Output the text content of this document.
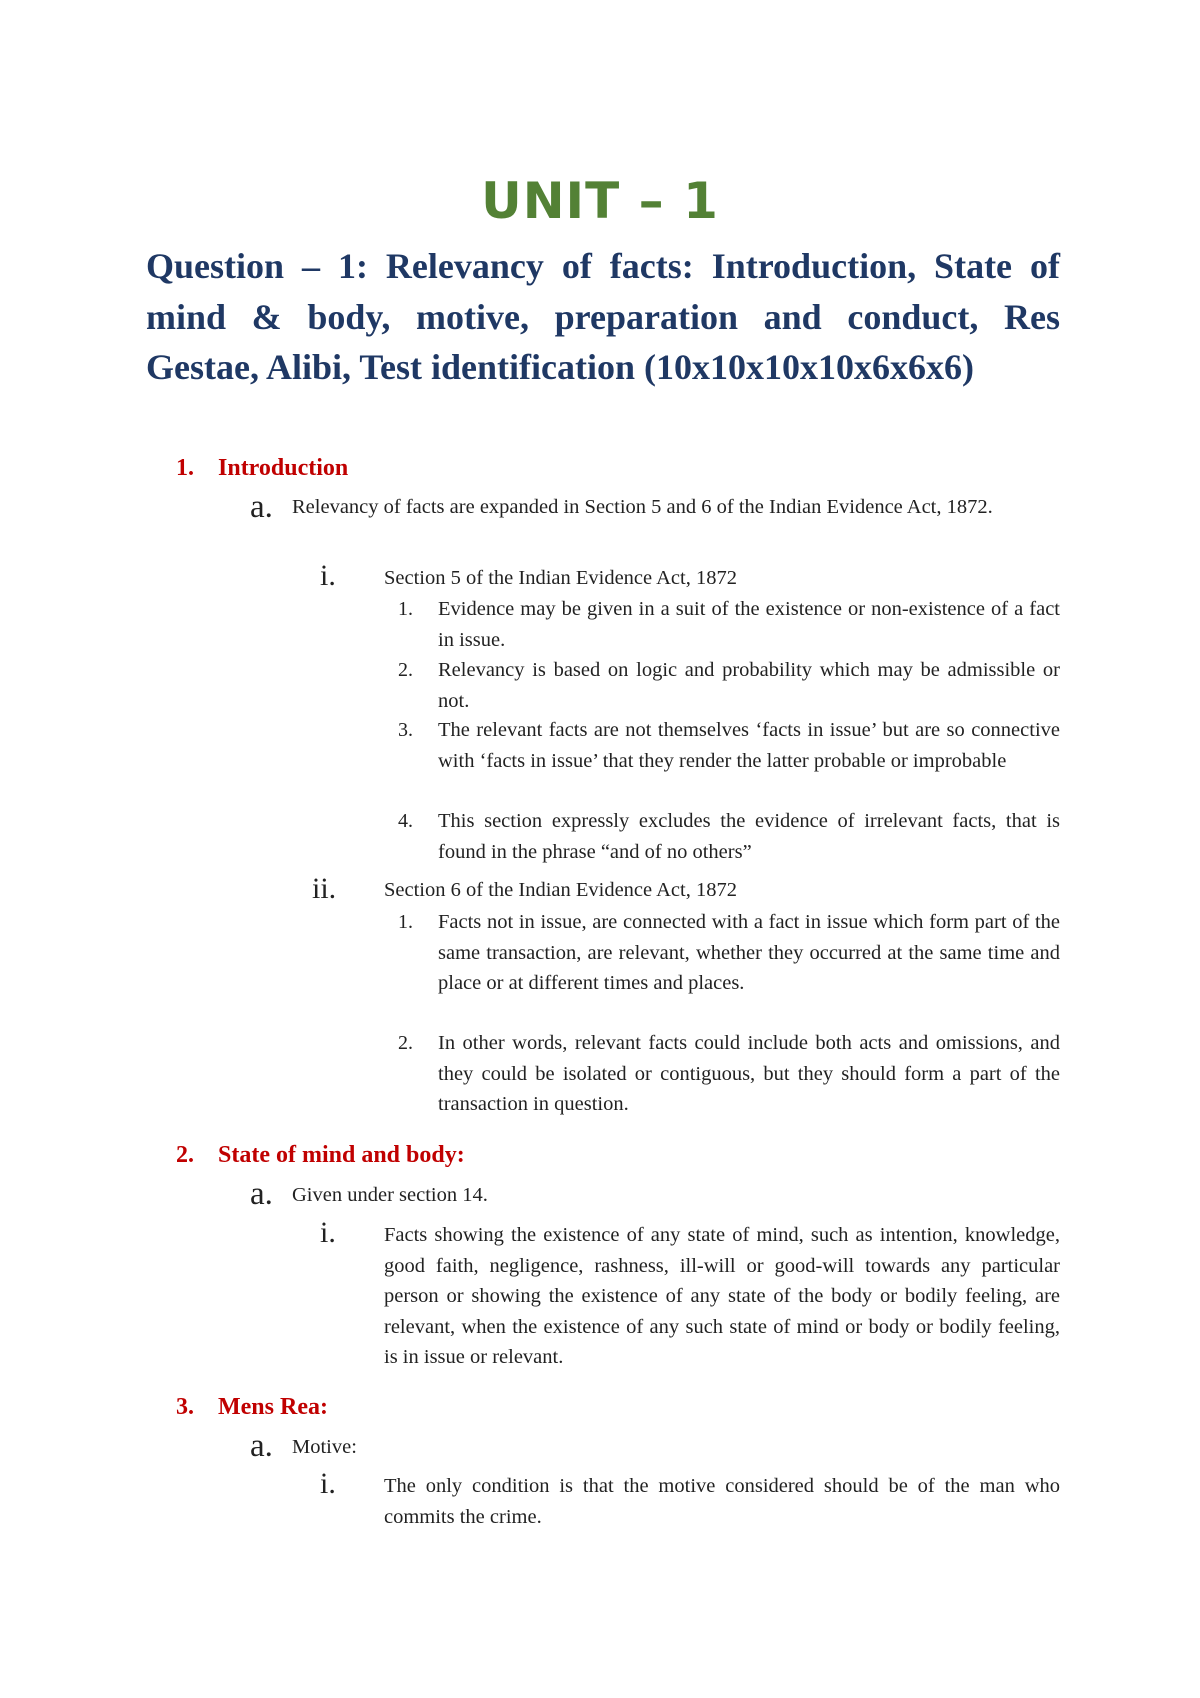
UNIT – 1

Question – 1: Relevancy of facts: Introduction, State of mind & body, motive, preparation and conduct, Res Gestae, Alibi, Test identification (10x10x10x10x6x6x6)

1. Introduction
a. Relevancy of facts are expanded in Section 5 and 6 of the Indian Evidence Act, 1872.
i. Section 5 of the Indian Evidence Act, 1872
1. Evidence may be given in a suit of the existence or non-existence of a fact in issue.
2. Relevancy is based on logic and probability which may be admissible or not.
3. The relevant facts are not themselves ‘facts in issue’ but are so connective with ‘facts in issue’ that they render the latter probable or improbable
4. This section expressly excludes the evidence of irrelevant facts, that is found in the phrase “and of no others”
ii. Section 6 of the Indian Evidence Act, 1872
1. Facts not in issue, are connected with a fact in issue which form part of the same transaction, are relevant, whether they occurred at the same time and place or at different times and places.
2. In other words, relevant facts could include both acts and omissions, and they could be isolated or contiguous, but they should form a part of the transaction in question.
2. State of mind and body:
a. Given under section 14.
i. Facts showing the existence of any state of mind, such as intention, knowledge, good faith, negligence, rashness, ill-will or good-will towards any particular person or showing the existence of any state of the body or bodily feeling, are relevant, when the existence of any such state of mind or body or bodily feeling, is in issue or relevant.
3. Mens Rea:
a. Motive:
i. The only condition is that the motive considered should be of the man who commits the crime.
